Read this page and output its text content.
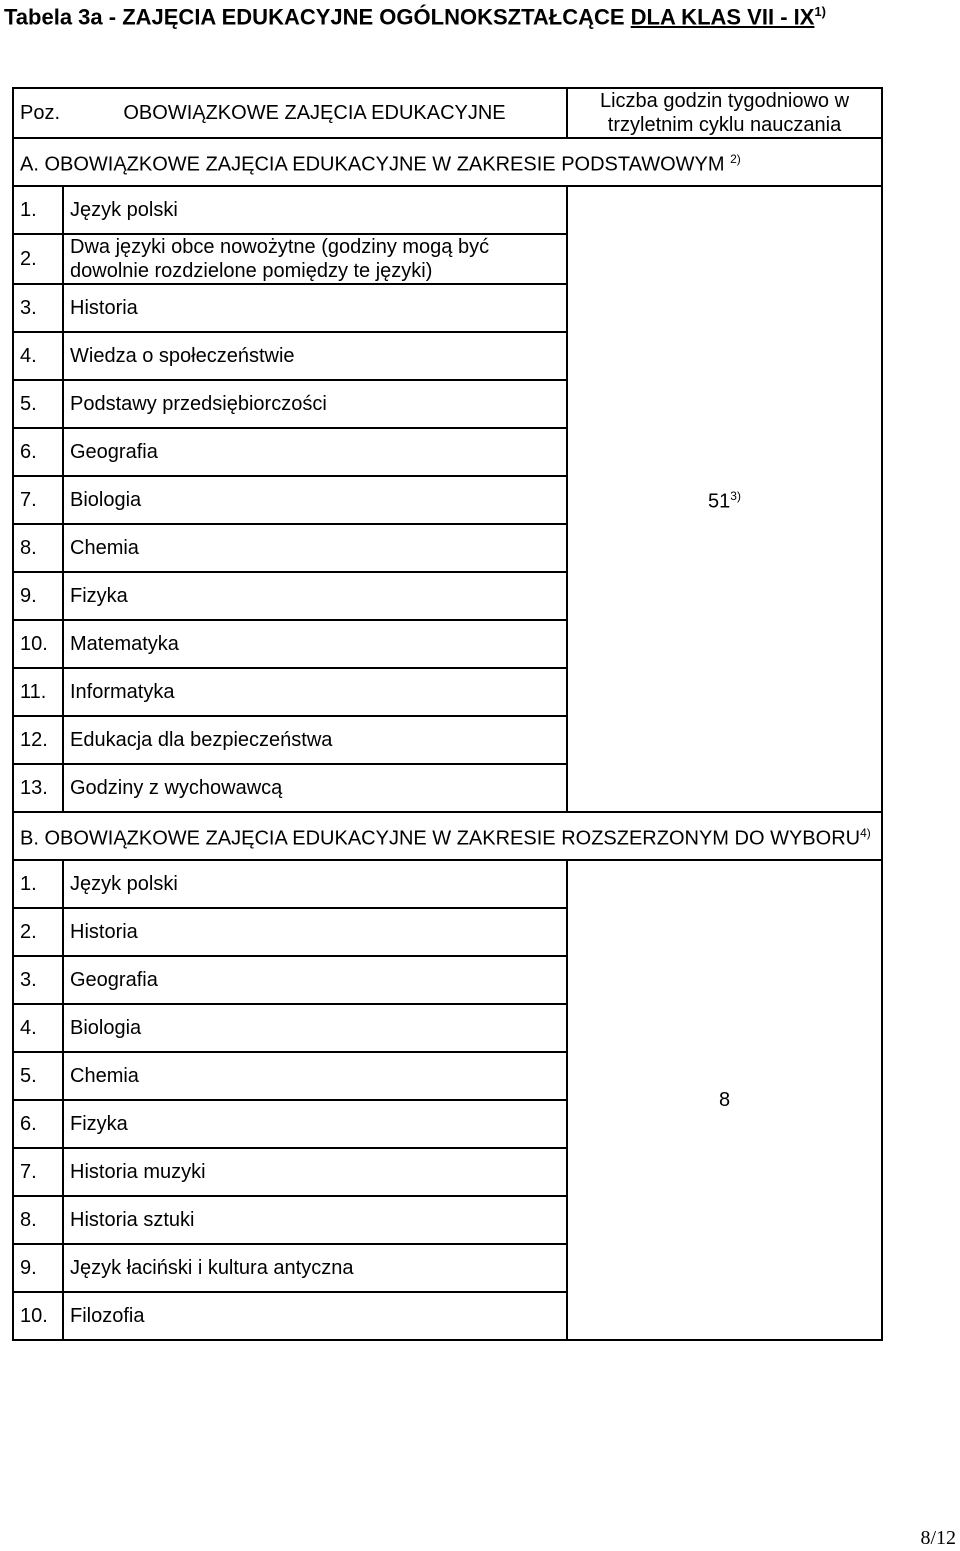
Tabela 3a - ZAJĘCIA EDUKACYJNE OGÓLNOKSZTAŁCĄCE DLA KLAS VII - IX$^{1)}$
Poz.	OBOWIĄZKOWE ZAJĘCIA EDUKACYJNE	Liczba godzin tygodniowo w trzyletnim cyklu nauczania
A. OBOWIĄZKOWE ZAJĘCIA EDUKACYJNE W ZAKRESIE PODSTAWOWYM $^{2)}$
1.	Język polski	51$^{3)}$
2.	Dwa języki obce nowożytne (godziny mogą być dowolnie rozdzielone pomiędzy te języki)	
3.	Historia	
4.	Wiedza o społeczeństwie	
5.	Podstawy przedsiębiorczości	
6.	Geografia	
7.	Biologia	
8.	Chemia	
9.	Fizyka	
10.	Matematyka	
11.	Informatyka	
12.	Edukacja dla bezpieczeństwa	
13.	Godziny z wychowawcą	
B. OBOWIĄZKOWE ZAJĘCIA EDUKACYJNE W ZAKRESIE ROZSZERZONYM DO WYBORU$^{4)}$
1.	Język polski	8
2.	Historia	
3.	Geografia	
4.	Biologia	
5.	Chemia	
6.	Fizyka	
7.	Historia muzyki	
8.	Historia sztuki	
9.	Język łaciński i kultura antyczna	
10.	Filozofia	
8/12
